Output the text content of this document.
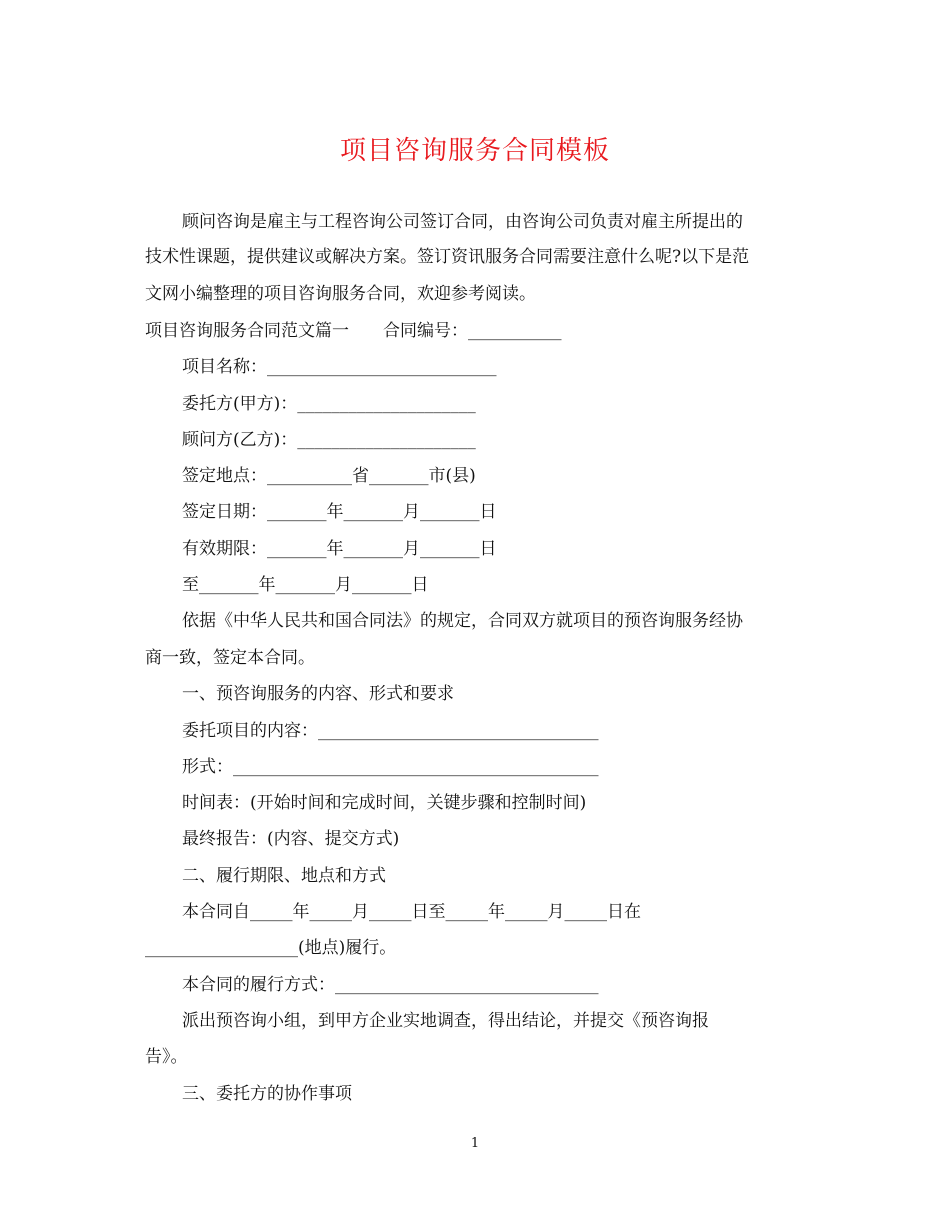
项目咨询服务合同模板
顾问咨询是雇主与工程咨询公司签订合同，由咨询公司负责对雇主所提出的
技术性课题，提供建议或解决方案。签订资讯服务合同需要注意什么呢?以下是范
文网小编整理的项目咨询服务合同，欢迎参考阅读。
项目咨询服务合同范文篇一　　合同编号：___________
项目名称：___________________________
委托方(甲方)：_____________________
顾问方(乙方)：_____________________
签定地点：__________省_______市(县)
签定日期：_______年_______月_______日
有效期限：_______年_______月_______日
至_______年_______月_______日
依据《中华人民共和国合同法》的规定，合同双方就项目的预咨询服务经协
商一致，签定本合同。
一、预咨询服务的内容、形式和要求
委托项目的内容：_________________________________
形式：___________________________________________
时间表：(开始时间和完成时间，关键步骤和控制时间)
最终报告：(内容、提交方式)
二、履行期限、地点和方式
本合同自_____年_____月_____日至_____年_____月_____日在
__________________(地点)履行。
本合同的履行方式：_______________________________
派出预咨询小组，到甲方企业实地调查，得出结论，并提交《预咨询报
告》。
三、委托方的协作事项
1
